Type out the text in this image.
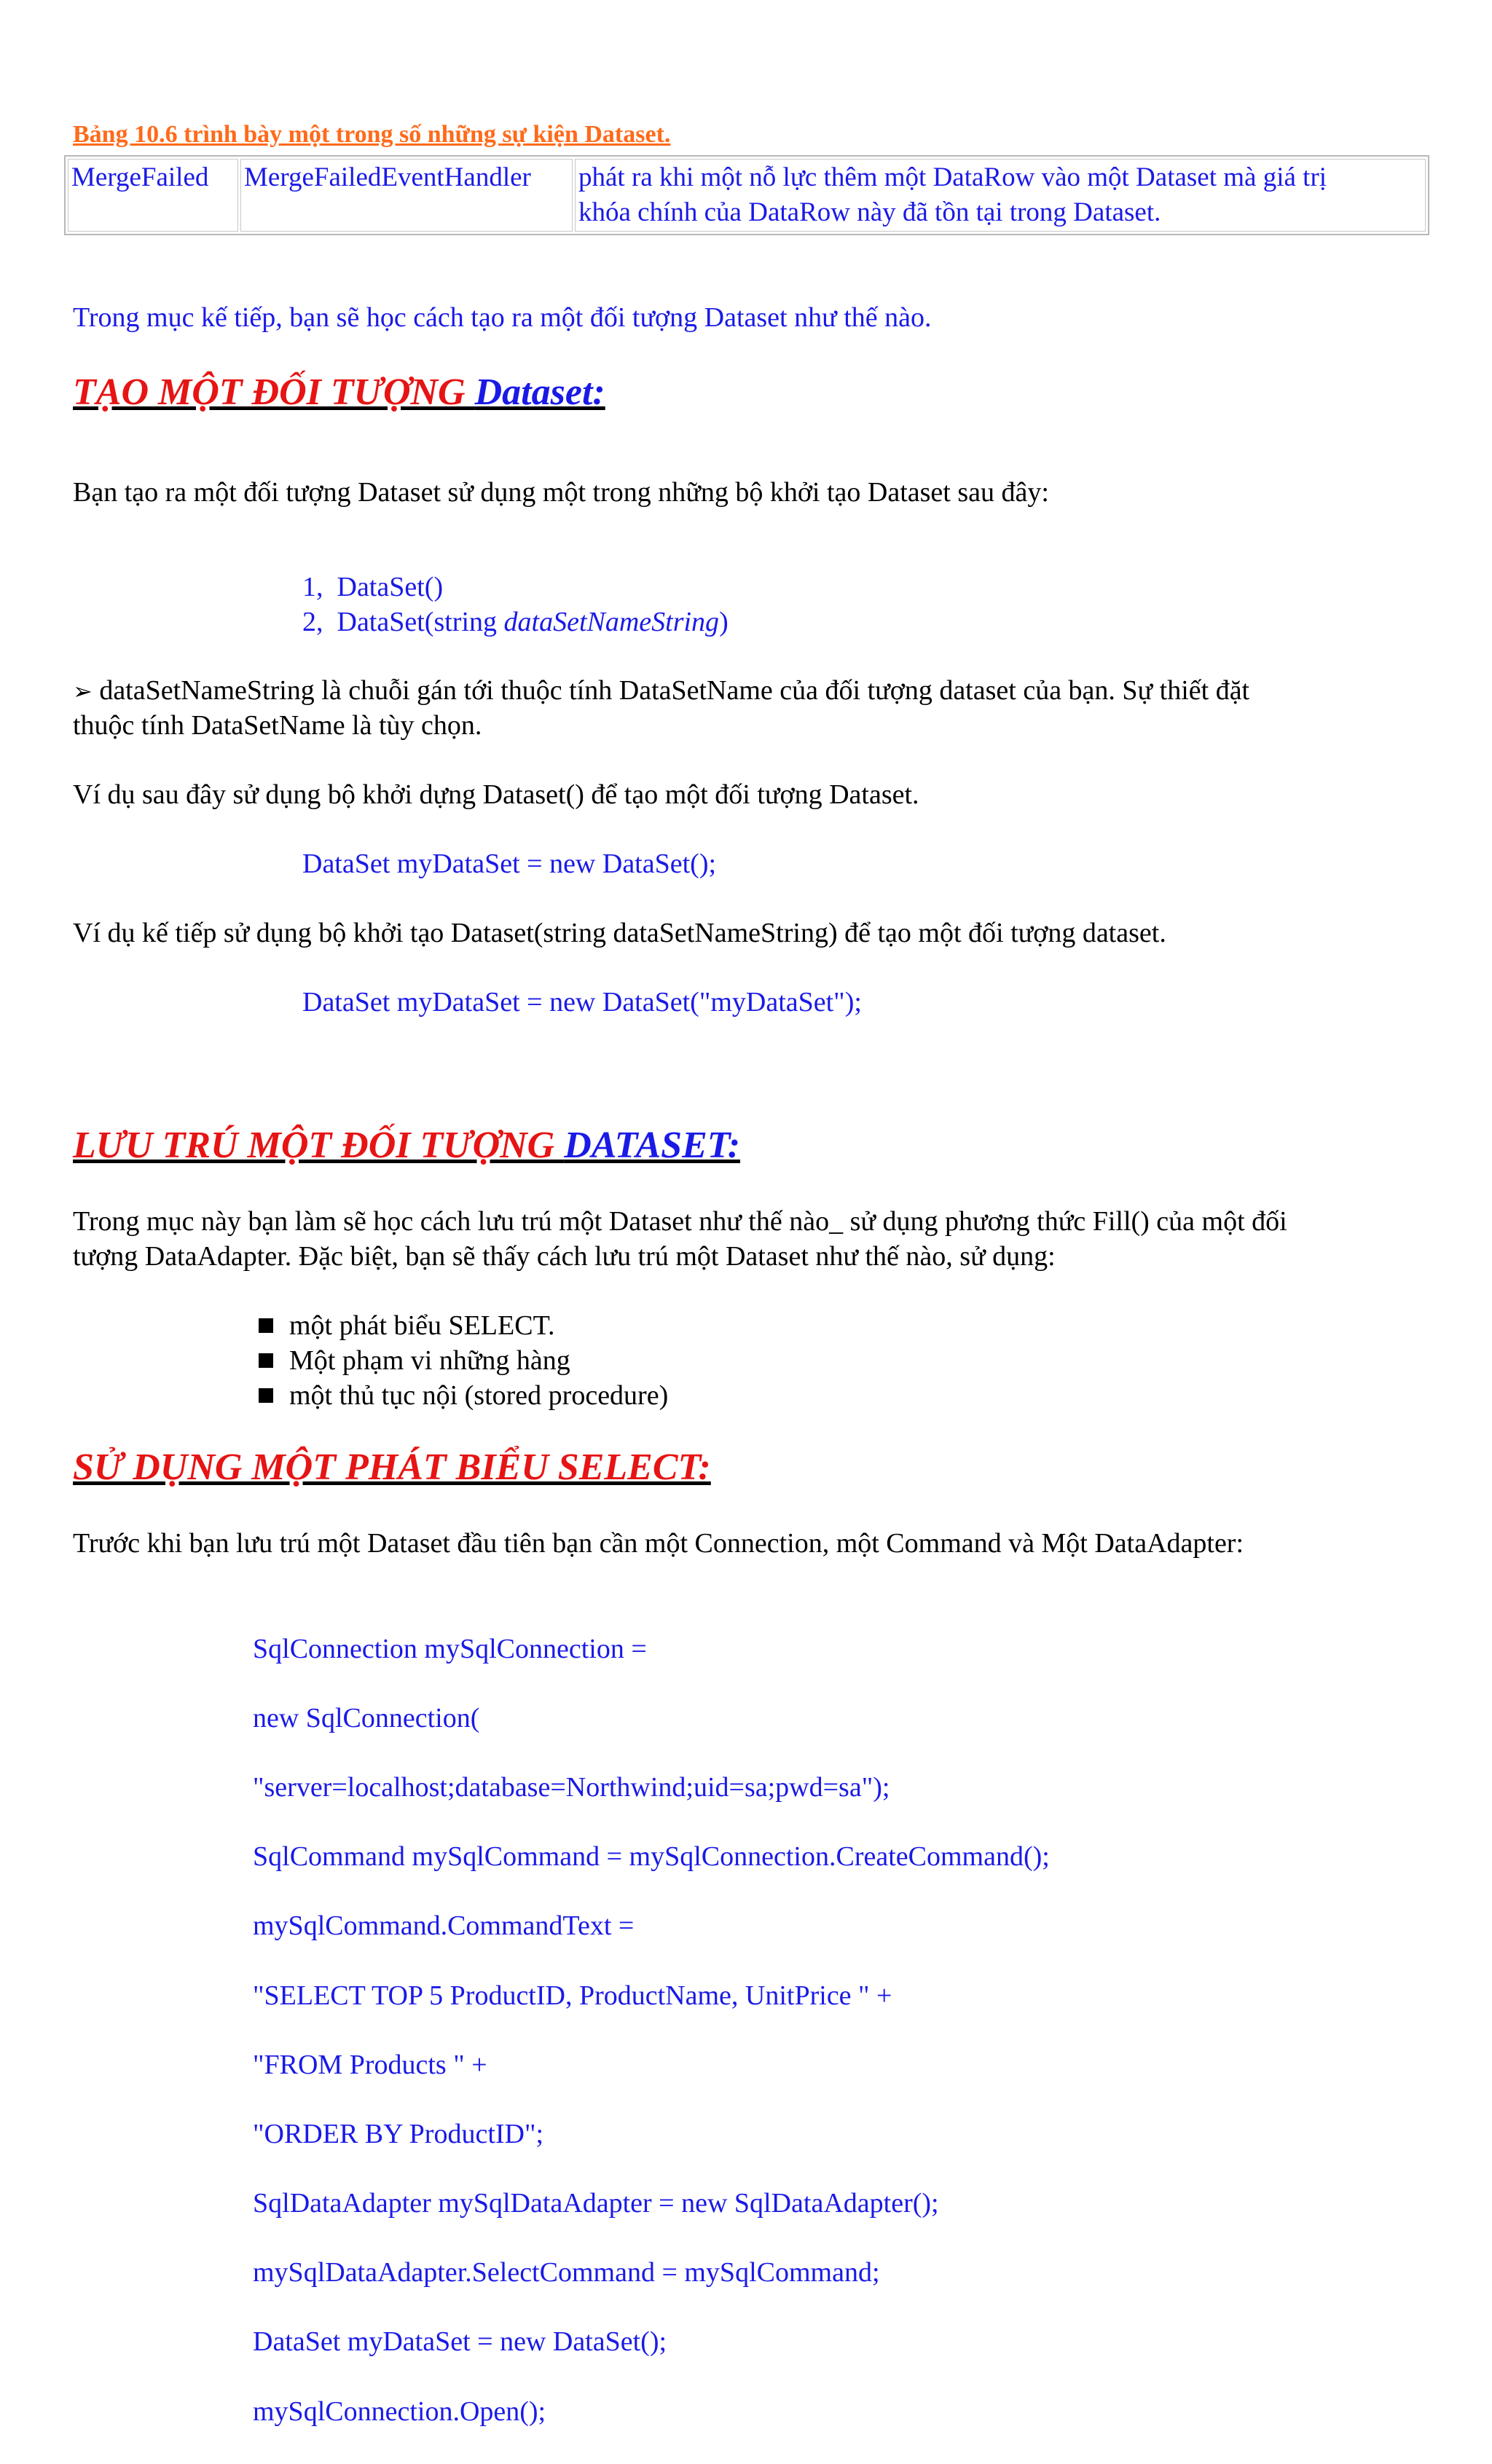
Bảng 10.6 trình bày một trong số những sự kiện Dataset.
MergeFailed	MergeFailedEventHandler	phát ra khi một nỗ lực thêm một DataRow vào một Dataset mà giá trị
khóa chính của DataRow này đã tồn tại trong Dataset.
Trong mục kế tiếp, bạn sẽ học cách tạo ra một đối tượng Dataset như thế nào.
TẠO MỘT ĐỐI TƯỢNG Dataset:
Bạn tạo ra một đối tượng Dataset sử dụng một trong những bộ khởi tạo Dataset sau đây:
1, DataSet()
2, DataSet(string dataSetNameString)
➢ dataSetNameString là chuỗi gán tới thuộc tính DataSetName của đối tượng dataset của bạn. Sự thiết đặt
thuộc tính DataSetName là tùy chọn.
Ví dụ sau đây sử dụng bộ khởi dựng Dataset() để tạo một đối tượng Dataset.
DataSet myDataSet = new DataSet();
Ví dụ kế tiếp sử dụng bộ khởi tạo Dataset(string dataSetNameString) để tạo một đối tượng dataset.
DataSet myDataSet = new DataSet("myDataSet");
LƯU TRÚ MỘT ĐỐI TƯỢNG DATASET:
Trong mục này bạn làm sẽ học cách lưu trú một Dataset như thế nào_ sử dụng phương thức Fill() của một đối
tượng DataAdapter. Đặc biệt, bạn sẽ thấy cách lưu trú một Dataset như thế nào, sử dụng:
một phát biểu SELECT.
Một phạm vi những hàng
một thủ tục nội (stored procedure)
SỬ DỤNG MỘT PHÁT BIỂU SELECT:
Trước khi bạn lưu trú một Dataset đầu tiên bạn cần một Connection, một Command và Một DataAdapter:

SqlConnection mySqlConnection =

new SqlConnection(

"server=localhost;database=Northwind;uid=sa;pwd=sa");

SqlCommand mySqlCommand = mySqlConnection.CreateCommand();

mySqlCommand.CommandText =

"SELECT TOP 5 ProductID, ProductName, UnitPrice " +

"FROM Products " +

"ORDER BY ProductID";

SqlDataAdapter mySqlDataAdapter = new SqlDataAdapter();

mySqlDataAdapter.SelectCommand = mySqlCommand;

DataSet myDataSet = new DataSet();

mySqlConnection.Open();
